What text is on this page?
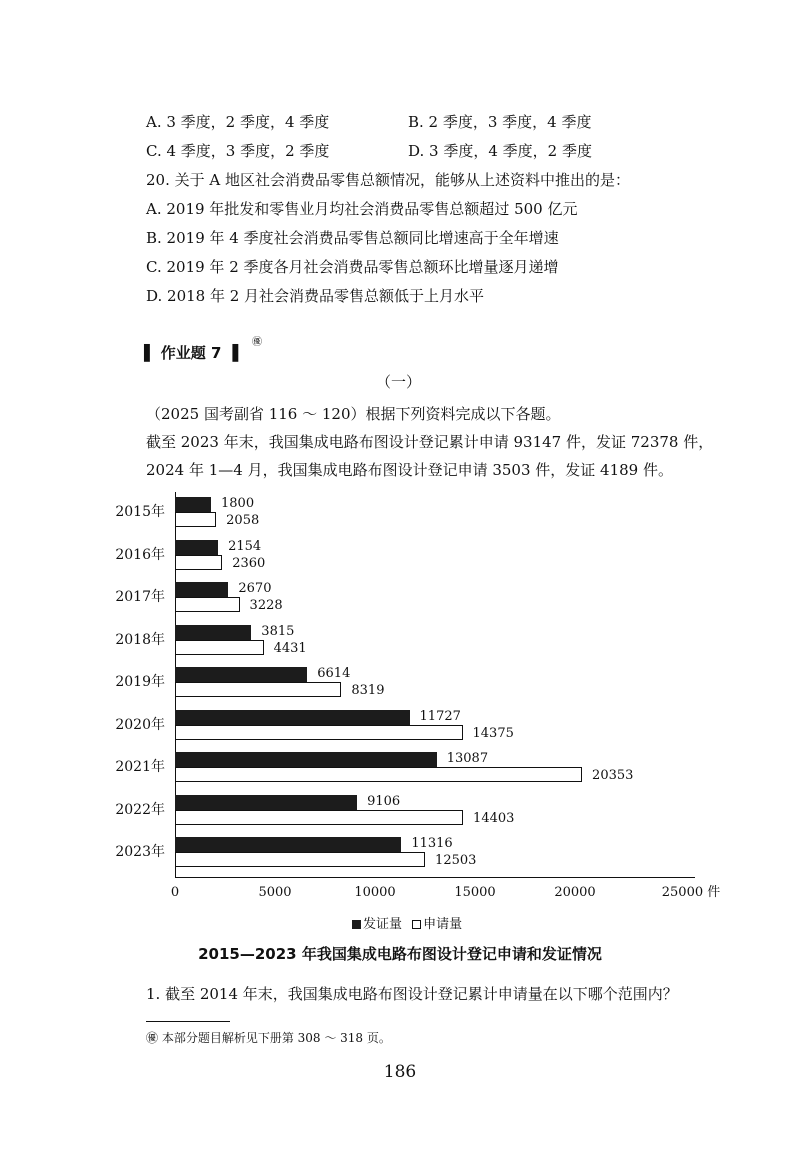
A. 3 季度，2 季度，4 季度	B. 2 季度，3 季度，4 季度
C. 4 季度，3 季度，2 季度	D. 3 季度，4 季度，2 季度
20. 关于 A 地区社会消费品零售总额情况，能够从上述资料中推出的是：
A. 2019 年批发和零售业月均社会消费品零售总额超过 500 亿元
B. 2019 年 4 季度社会消费品零售总额同比增速高于全年增速
C. 2019 年 2 季度各月社会消费品零售总额环比增量逐月递增
D. 2018 年 2 月社会消费品零售总额低于上月水平
▌ 作业题 7 ▐
㊝
（一）
（2025 国考副省 116 ～ 120）根据下列资料完成以下各题。
截至 2023 年末，我国集成电路布图设计登记累计申请 93147 件，发证 72378 件，
2024 年 1—4 月，我国集成电路布图设计登记申请 3503 件，发证 4189 件。
2015年
1800
2058
2016年
2154
2360
2017年
2670
3228
2018年
3815
4431
2019年
6614
8319
2020年
11727
14375
2021年
13087
20353
2022年
9106
14403
2023年
11316
12503
0	5000	10000	15000	20000	25000 件
发证量 申请量
2015—2023 年我国集成电路布图设计登记申请和发证情况
1. 截至 2014 年末，我国集成电路布图设计登记累计申请量在以下哪个范围内？
㊝ 本部分题目解析见下册第 308 ～ 318 页。
186
